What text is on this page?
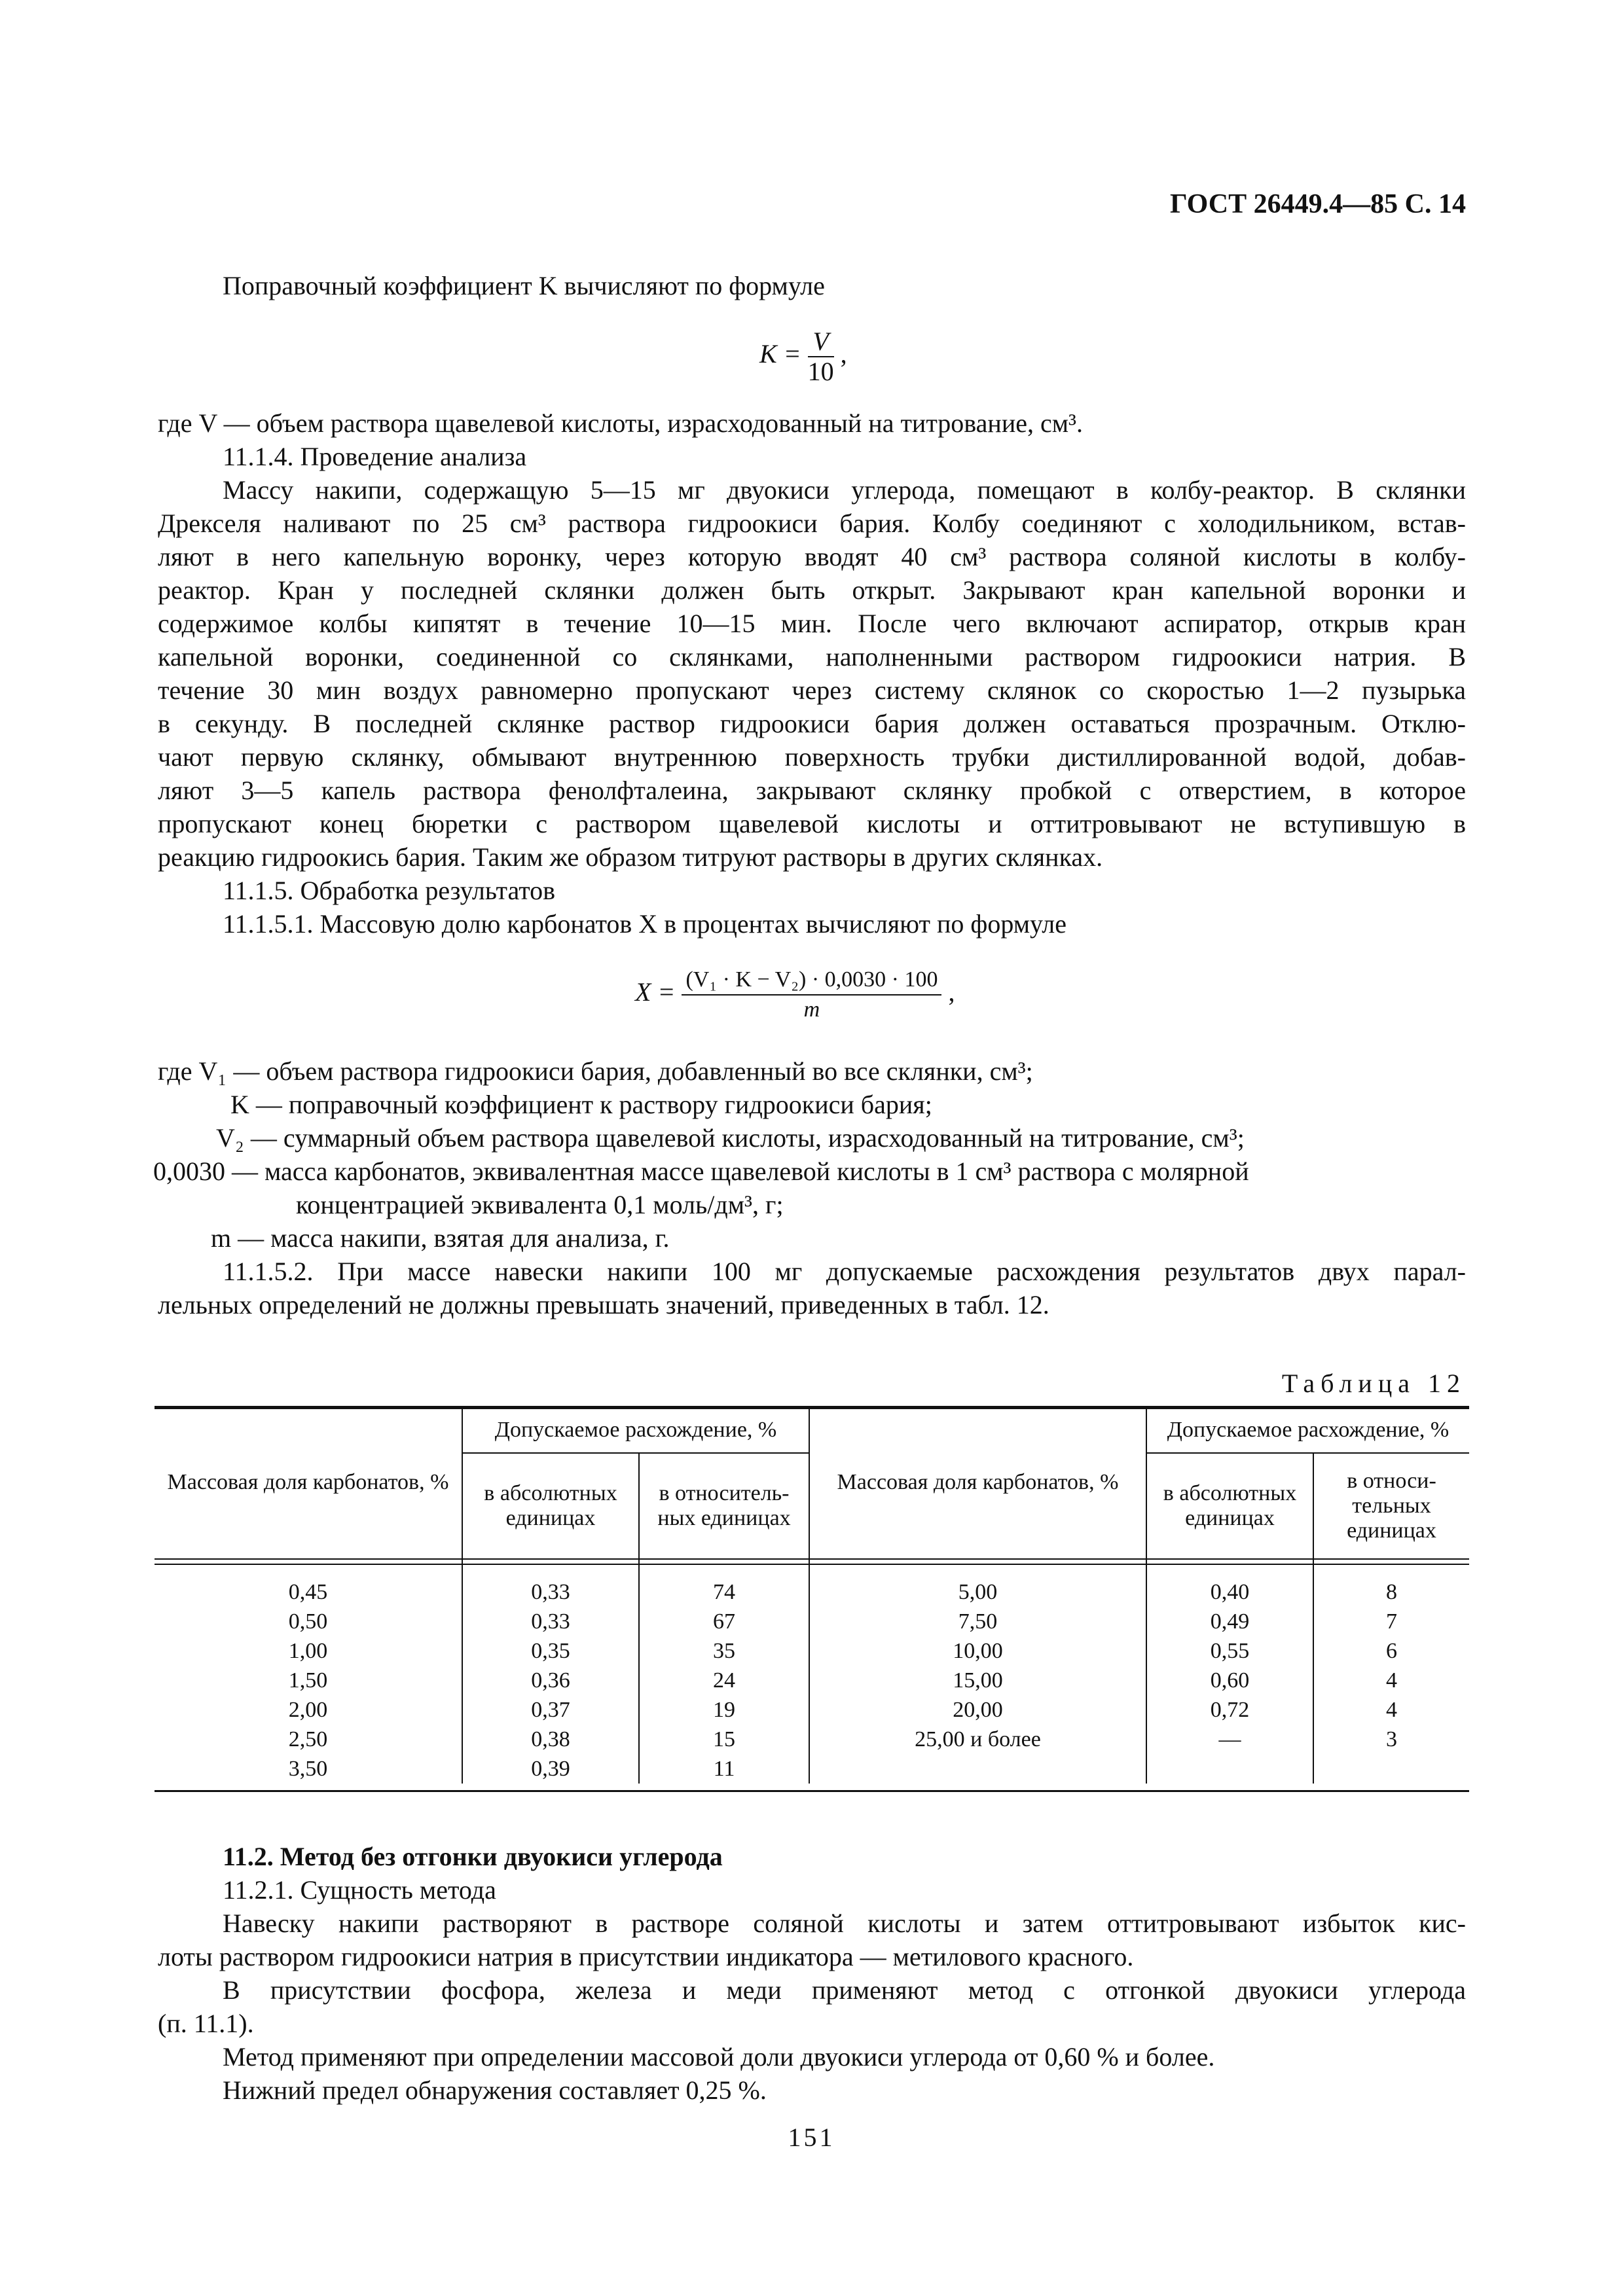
ГОСТ 26449.4—85 С. 14
Поправочный коэффициент K вычисляют по формуле
$K = \frac{V}{10}$ ,
где V — объем раствора щавелевой кислоты, израсходованный на титрование, см³.
11.1.4. Проведение анализа
Массу накипи, содержащую 5—15 мг двуокиси углерода, помещают в колбу-реактор. В склянки
Дрекселя наливают по 25 см³ раствора гидроокиси бария. Колбу соединяют с холодильником, встав-
ляют в него капельную воронку, через которую вводят 40 см³ раствора соляной кислоты в колбу-
реактор. Кран у последней склянки должен быть открыт. Закрывают кран капельной воронки и
содержимое колбы кипятят в течение 10—15 мин. После чего включают аспиратор, открыв кран
капельной воронки, соединенной со склянками, наполненными раствором гидроокиси натрия. В
течение 30 мин воздух равномерно пропускают через систему склянок со скоростью 1—2 пузырька
в секунду. В последней склянке раствор гидроокиси бария должен оставаться прозрачным. Отклю-
чают первую склянку, обмывают внутреннюю поверхность трубки дистиллированной водой, добав-
ляют 3—5 капель раствора фенолфталеина, закрывают склянку пробкой с отверстием, в которое
пропускают конец бюретки с раствором щавелевой кислоты и оттитровывают не вступившую в
реакцию гидроокись бария. Таким же образом титруют растворы в других склянках.
11.1.5. Обработка результатов
11.1.5.1. Массовую долю карбонатов X в процентах вычисляют по формуле
$X = \frac{\text{(V₁ · K − V₂) · 0,0030 · 100}}{m}$ ,
где V₁ — объем раствора гидроокиси бария, добавленный во все склянки, см³;
K — поправочный коэффициент к раствору гидроокиси бария;
V₂ — суммарный объем раствора щавелевой кислоты, израсходованный на титрование, см³;
0,0030 — масса карбонатов, эквивалентная массе щавелевой кислоты в 1 см³ раствора с молярной
концентрацией эквивалента 0,1 моль/дм³, г;
m — масса накипи, взятая для анализа, г.
11.1.5.2. При массе навески накипи 100 мг допускаемые расхождения результатов двух парал-
лельных определений не должны превышать значений, приведенных в табл. 12.
Таблица 12
Массовая доля карбонатов, %	Допускаемое расхождение, %		Массовая доля карбонатов, %	Допускаемое расхождение, %	
	в абсолютных единицах	в относитель-ных единицах		в абсолютных единицах	в относи-тельных единицах

0,45	0,33	74	5,00	0,40	8
0,50	0,33	67	7,50	0,49	7
1,00	0,35	35	10,00	0,55	6
1,50	0,36	24	15,00	0,60	4
2,00	0,37	19	20,00	0,72	4
2,50	0,38	15	25,00 и более	—	3
3,50	0,39	11			
11.2. Метод без отгонки двуокиси углерода
11.2.1. Сущность метода
Навеску накипи растворяют в растворе соляной кислоты и затем оттитровывают избыток кис-
лоты раствором гидроокиси натрия в присутствии индикатора — метилового красного.
В присутствии фосфора, железа и меди применяют метод с отгонкой двуокиси углерода
(п. 11.1).
Метод применяют при определении массовой доли двуокиси углерода от 0,60 % и более.
Нижний предел обнаружения составляет 0,25 %.
151
